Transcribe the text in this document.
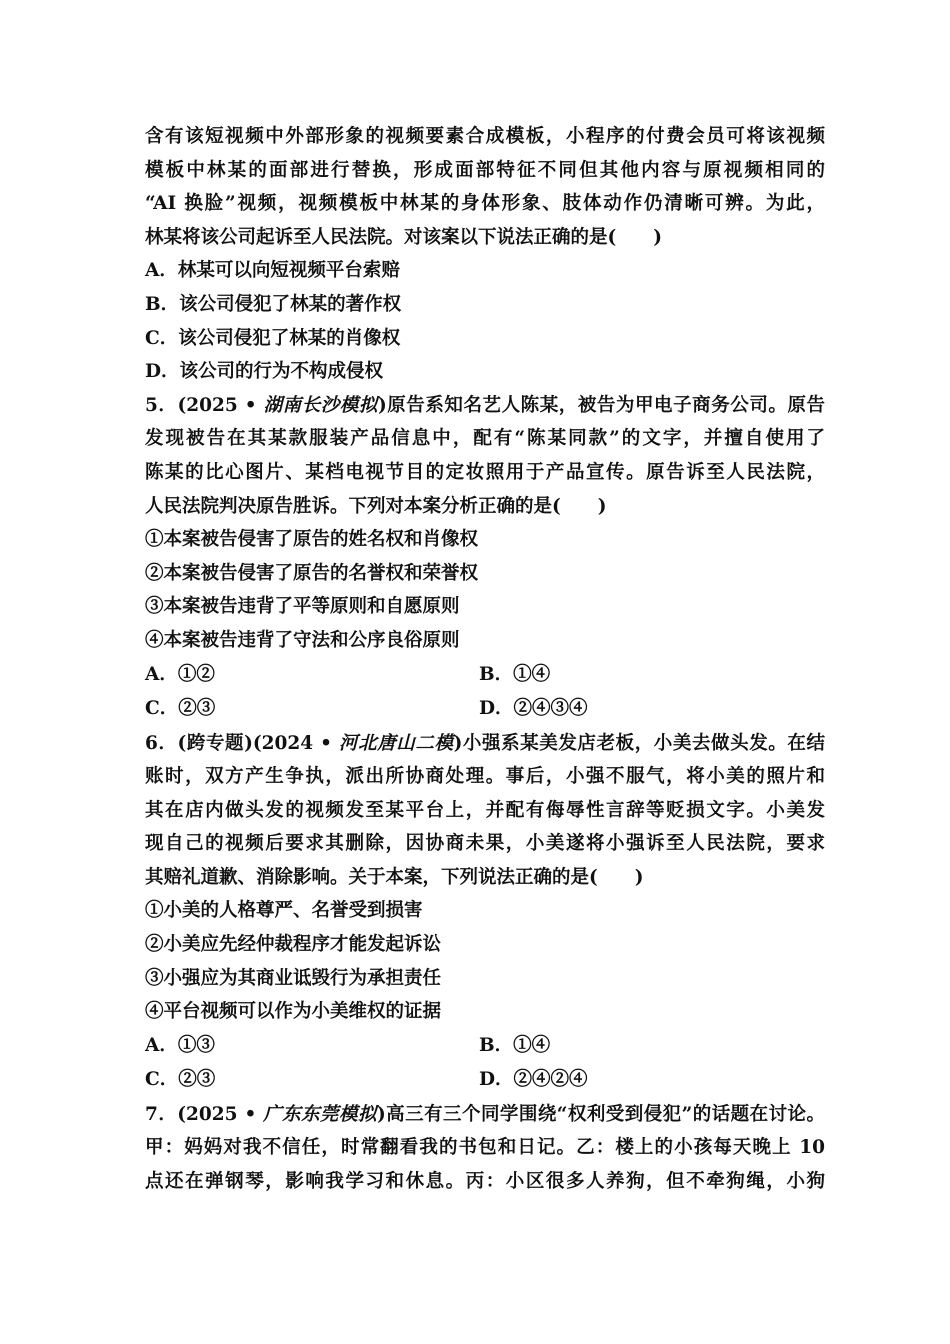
含有该短视频中外部形象的视频要素合成模板，小程序的付费会员可将该视频
模板中林某的面部进行替换，形成面部特征不同但其他内容与原视频相同的
“AI 换脸”视频，视频模板中林某的身体形象、肢体动作仍清晰可辨。为此，
林某将该公司起诉至人民法院。对该案以下说法正确的是(　　)
A．林某可以向短视频平台索赔
B．该公司侵犯了林某的著作权
C．该公司侵犯了林某的肖像权
D．该公司的行为不构成侵权
5．(2025 • 湖南长沙模拟)原告系知名艺人陈某，被告为甲电子商务公司。原告
发现被告在其某款服装产品信息中，配有“陈某同款”的文字，并擅自使用了
陈某的比心图片、某档电视节目的定妆照用于产品宣传。原告诉至人民法院，
人民法院判决原告胜诉。下列对本案分析正确的是(　　)
①本案被告侵害了原告的姓名权和肖像权
②本案被告侵害了原告的名誉权和荣誉权
③本案被告违背了平等原则和自愿原则
④本案被告违背了守法和公序良俗原则
A．①②	B．①④
C．②③	D．②④③④
6．(跨专题)(2024 • 河北唐山二模)小强系某美发店老板，小美去做头发。在结
账时，双方产生争执，派出所协商处理。事后，小强不服气，将小美的照片和
其在店内做头发的视频发至某平台上，并配有侮辱性言辞等贬损文字。小美发
现自己的视频后要求其删除，因协商未果，小美遂将小强诉至人民法院，要求
其赔礼道歉、消除影响。关于本案，下列说法正确的是(　　)
①小美的人格尊严、名誉受到损害
②小美应先经仲裁程序才能发起诉讼
③小强应为其商业诋毁行为承担责任
④平台视频可以作为小美维权的证据
A．①③	B．①④
C．②③	D．②④②④
7．(2025 • 广东东莞模拟)高三有三个同学围绕“权利受到侵犯”的话题在讨论。
甲：妈妈对我不信任，时常翻看我的书包和日记。乙：楼上的小孩每天晚上 10
点还在弹钢琴，影响我学习和休息。丙：小区很多人养狗，但不牵狗绳，小狗
